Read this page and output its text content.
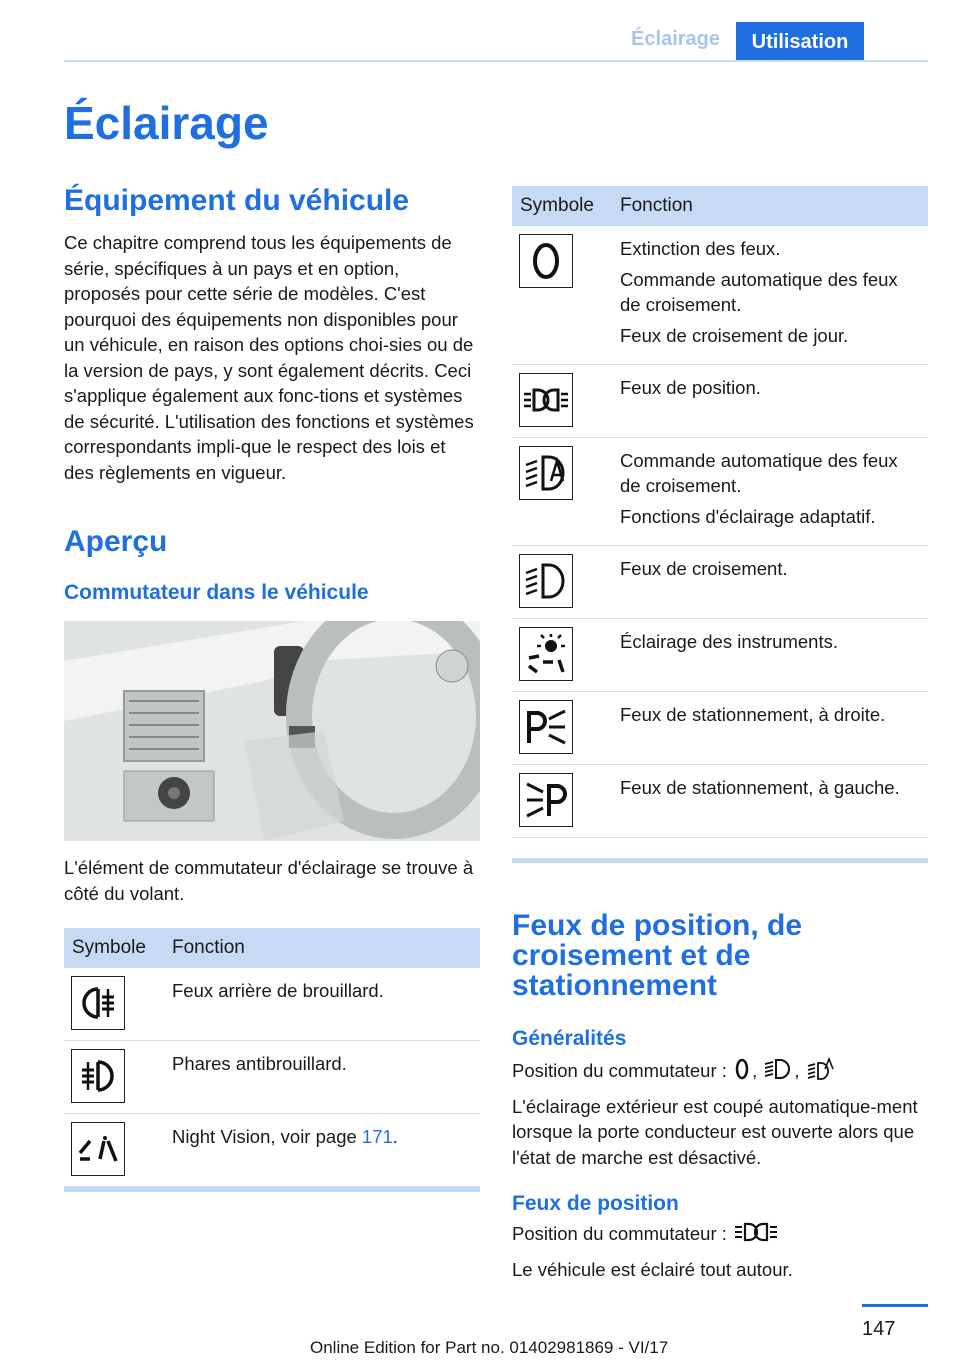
Éclairage	Utilisation
Éclairage
Équipement du véhicule

Ce chapitre comprend tous les équipements de série, spécifiques à un pays et en option, proposés pour cette série de modèles. C'est pourquoi des équipements non disponibles pour un véhicule, en raison des options choi-sies ou de la version de pays, y sont également décrits. Ceci s'applique également aux fonc-tions et systèmes de sécurité. L'utilisation des fonctions et systèmes correspondants impli-que le respect des lois et des règlements en vigueur.

Aperçu
Commutateur dans le véhicule

L'élément de commutateur d'éclairage se trouve à côté du volant.

Symbole	Fonction

Feux arrière de brouillard.

Phares antibrouillard.

	Night Vision, voir page 171.
Symbole	Fonction

Extinction des feux.
Commande automatique des feux de croisement.
Feux de croisement de jour.

Feux de position.

Commande automatique des feux de croisement.
Fonctions d'éclairage adaptatif.

Feux de croisement.

Éclairage des instruments.

Feux de stationnement, à droite.

Feux de stationnement, à gauche.
Feux de position, de croisement et de stationnement
Généralités

Position du commutateur : , ,

L'éclairage extérieur est coupé automatique-ment lorsque la porte conducteur est ouverte alors que l'état de marche est désactivé.

Feux de position

Position du commutateur :

Le véhicule est éclairé tout autour.

147
Online Edition for Part no. 01402981869 - VI/17
